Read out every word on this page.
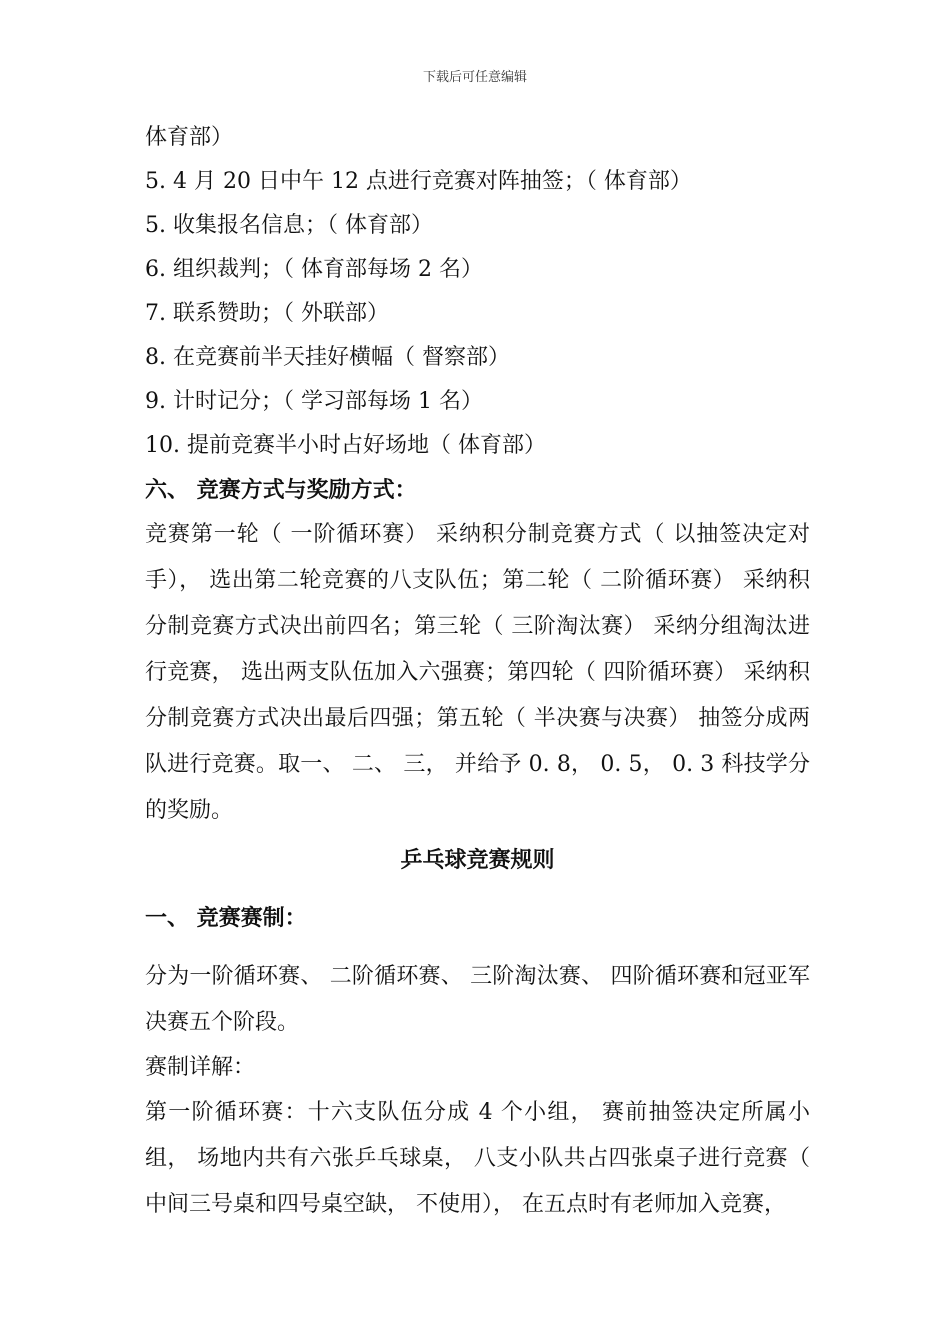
下载后可任意编辑
体育部）
5. 4 月 20 日中午 12 点进行竞赛对阵抽签；（ 体育部）
5. 收集报名信息；（ 体育部）
6. 组织裁判；（ 体育部每场 2 名）
7. 联系赞助；（ 外联部）
8. 在竞赛前半天挂好横幅（ 督察部）
9. 计时记分；（ 学习部每场 1 名）
10. 提前竞赛半小时占好场地（ 体育部）
六、 竞赛方式与奖励方式：
竞赛第一轮（ 一阶循环赛） 采纳积分制竞赛方式（ 以抽签决定对手）， 选出第二轮竞赛的八支队伍；第二轮（ 二阶循环赛） 采纳积分制竞赛方式决出前四名；第三轮（ 三阶淘汰赛） 采纳分组淘汰进行竞赛， 选出两支队伍加入六强赛；第四轮（ 四阶循环赛） 采纳积分制竞赛方式决出最后四强；第五轮（ 半决赛与决赛） 抽签分成两队进行竞赛。取一、 二、 三， 并给予 0. 8， 0. 5， 0. 3 科技学分的奖励。
乒乓球竞赛规则
一、 竞赛赛制：
分为一阶循环赛、 二阶循环赛、 三阶淘汰赛、 四阶循环赛和冠亚军决赛五个阶段。
赛制详解：
第一阶循环赛：十六支队伍分成 4 个小组， 赛前抽签决定所属小组， 场地内共有六张乒乓球桌， 八支小队共占四张桌子进行竞赛（ 中间三号桌和四号桌空缺， 不使用）， 在五点时有老师加入竞赛，
